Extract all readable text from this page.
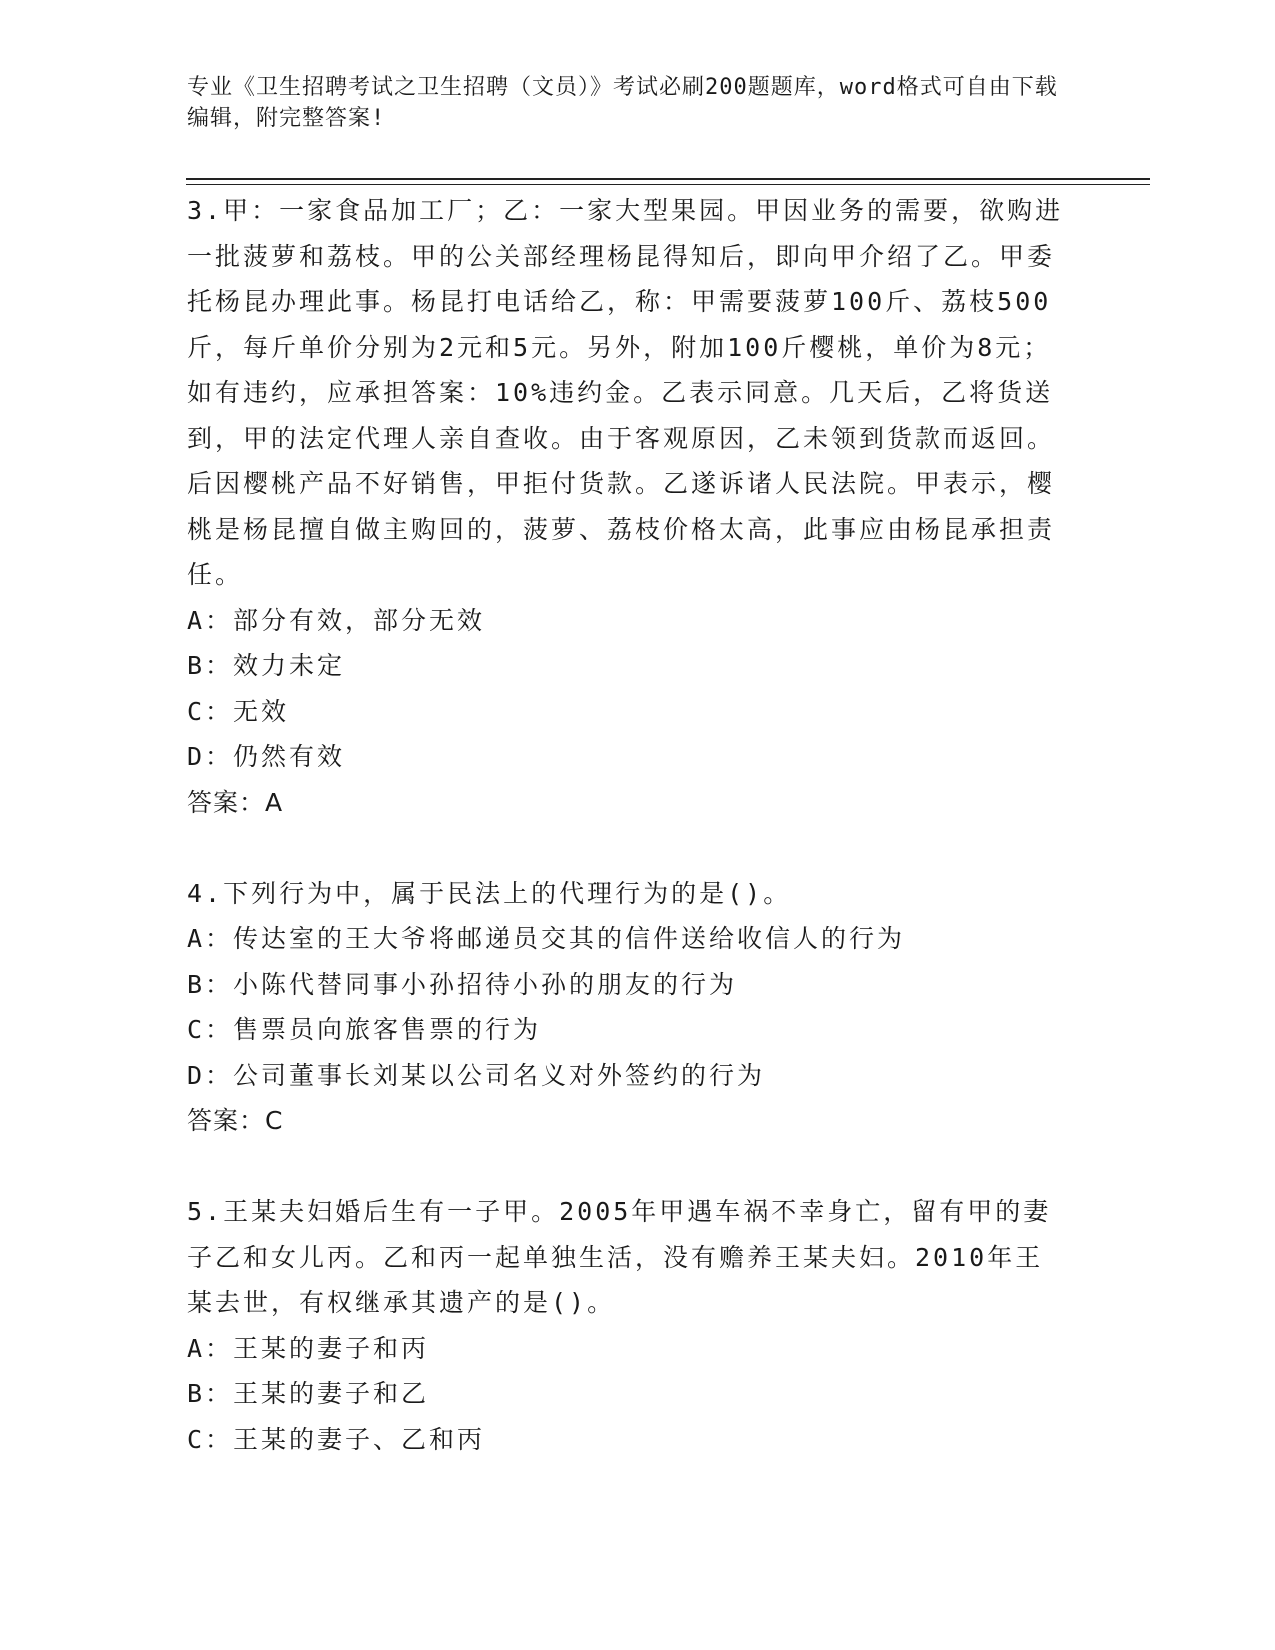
专业《卫生招聘考试之卫生招聘（文员）》考试必刷200题题库，word格式可自由下载编辑，附完整答案!

3.甲：一家食品加工厂；乙：一家大型果园。甲因业务的需要，欲购进一批菠萝和荔枝。甲的公关部经理杨昆得知后，即向甲介绍了乙。甲委托杨昆办理此事。杨昆打电话给乙，称：甲需要菠萝100斤、荔枝500斤，每斤单价分别为2元和5元。另外，附加100斤樱桃，单价为8元；如有违约，应承担答案：10%违约金。乙表示同意。几天后，乙将货送到，甲的法定代理人亲自查收。由于客观原因，乙未领到货款而返回。后因樱桃产品不好销售，甲拒付货款。乙遂诉诸人民法院。甲表示，樱桃是杨昆擅自做主购回的，菠萝、荔枝价格太高，此事应由杨昆承担责任。

A：部分有效，部分无效

B：效力未定

C：无效

D：仍然有效

答案：A

4.下列行为中，属于民法上的代理行为的是()。

A：传达室的王大爷将邮递员交其的信件送给收信人的行为

B：小陈代替同事小孙招待小孙的朋友的行为

C：售票员向旅客售票的行为

D：公司董事长刘某以公司名义对外签约的行为

答案：C

5.王某夫妇婚后生有一子甲。2005年甲遇车祸不幸身亡，留有甲的妻子乙和女儿丙。乙和丙一起单独生活，没有赡养王某夫妇。2010年王某去世，有权继承其遗产的是()。

A：王某的妻子和丙

B：王某的妻子和乙

C：王某的妻子、乙和丙
